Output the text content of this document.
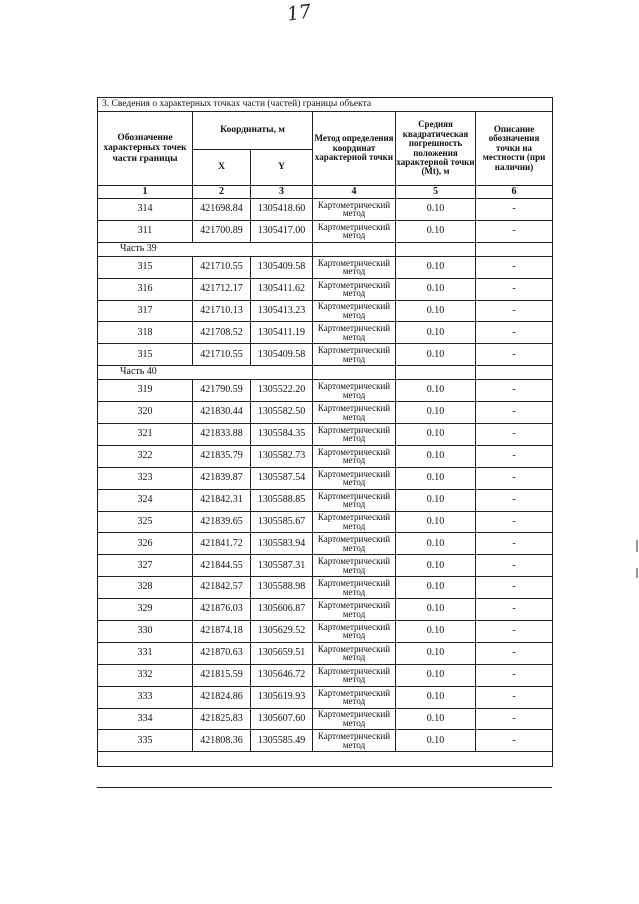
17
3. Сведения о характерных точках части (частей) границы объекта					
Обозначение характерных точек части границы	Координаты, м		Метод определения координат характерной точки	Средняя квадратическая погрешность положения характерной точки (Мt), м	Описание обозначения точки на местности (при наличии)
	X	Y			
1	2	3	4	5	6
314	421698.84	1305418.60	Картометрический
метод	0.10	-
311	421700.89	1305417.00	Картометрический
метод	0.10	-
Часть 39					
315	421710.55	1305409.58	Картометрический
метод	0.10	-
316	421712.17	1305411.62	Картометрический
метод	0.10	-
317	421710.13	1305413.23	Картометрический
метод	0.10	-
318	421708.52	1305411.19	Картометрический
метод	0.10	-
315	421710.55	1305409.58	Картометрический
метод	0.10	-
Часть 40					
319	421790.59	1305522.20	Картометрический
метод	0.10	-
320	421830.44	1305582.50	Картометрический
метод	0.10	-
321	421833.88	1305584.35	Картометрический
метод	0.10	-
322	421835.79	1305582.73	Картометрический
метод	0.10	-
323	421839.87	1305587.54	Картометрический
метод	0.10	-
324	421842.31	1305588.85	Картометрический
метод	0.10	-
325	421839.65	1305585.67	Картометрический
метод	0.10	-
326	421841.72	1305583.94	Картометрический
метод	0.10	-
327	421844.55	1305587.31	Картометрический
метод	0.10	-
328	421842.57	1305588.98	Картометрический
метод	0.10	-
329	421876.03	1305606.87	Картометрический
метод	0.10	-
330	421874.18	1305629.52	Картометрический
метод	0.10	-
331	421870.63	1305659.51	Картометрический
метод	0.10	-
332	421815.59	1305646.72	Картометрический
метод	0.10	-
333	421824.86	1305619.93	Картометрический
метод	0.10	-
334	421825.83	1305607.60	Картометрический
метод	0.10	-
335	421808.36	1305585.49	Картометрический
метод	0.10	-
